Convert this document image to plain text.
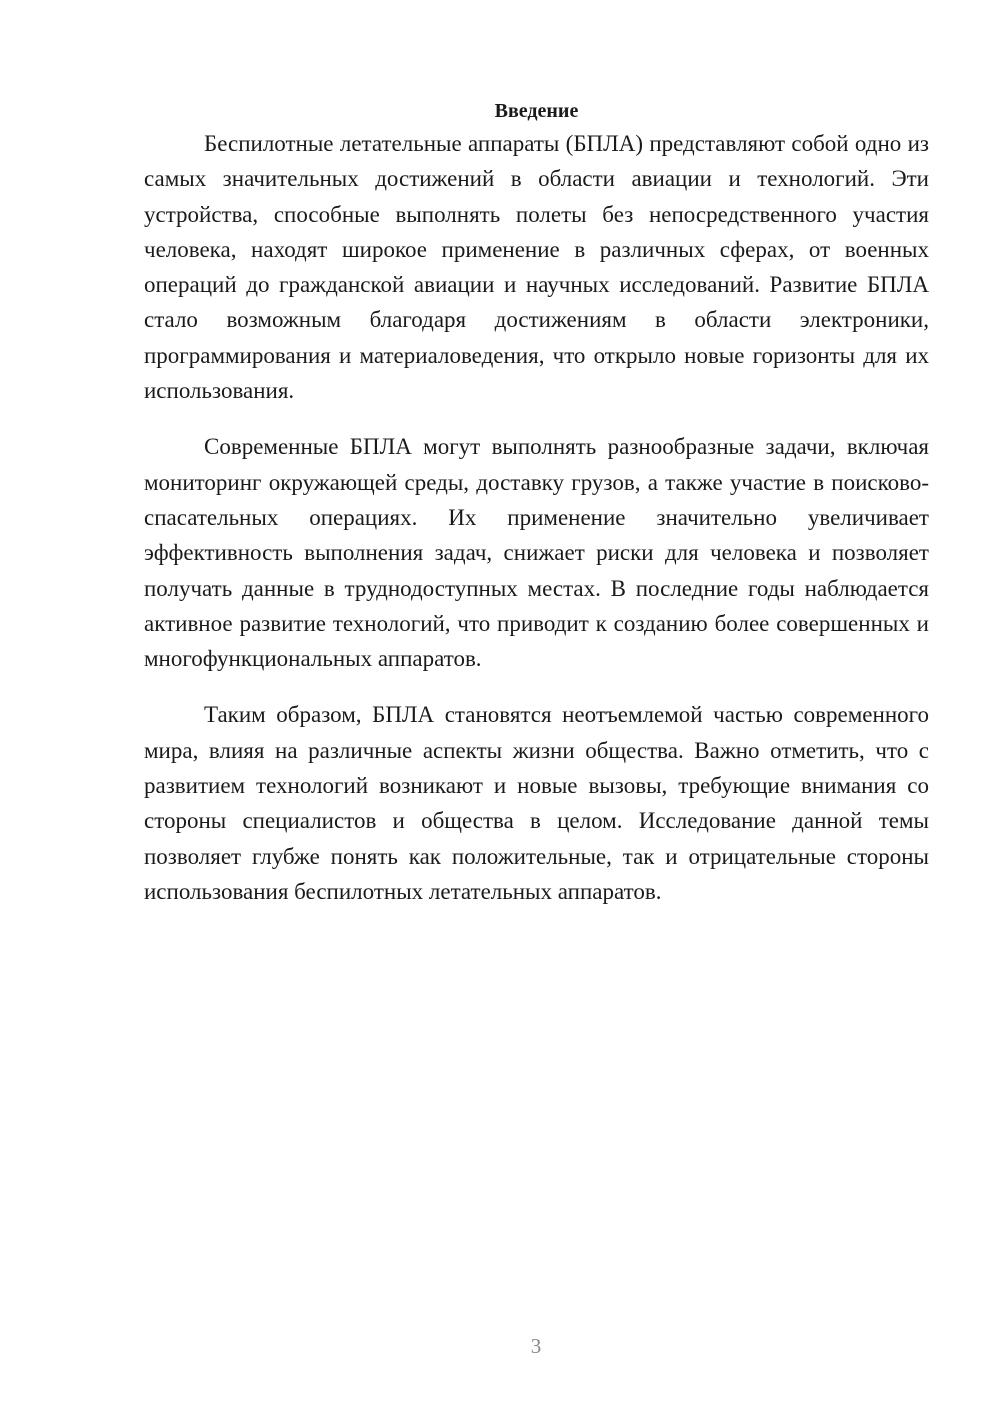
Введение

Беспилотные летательные аппараты (БПЛА) представляют собой одно из самых значительных достижений в области авиации и технологий. Эти устройства, способные выполнять полеты без непосредственного участия человека, находят широкое применение в различных сферах, от военных операций до гражданской авиации и научных исследований. Развитие БПЛА стало возможным благодаря достижениям в области электроники, программирования и материаловедения, что открыло новые горизонты для их использования.

Современные БПЛА могут выполнять разнообразные задачи, включая мониторинг окружающей среды, доставку грузов, а также участие в поисково-спасательных операциях. Их применение значительно увеличивает эффективность выполнения задач, снижает риски для человека и позволяет получать данные в труднодоступных местах. В последние годы наблюдается активное развитие технологий, что приводит к созданию более совершенных и многофункциональных аппаратов.

Таким образом, БПЛА становятся неотъемлемой частью современного мира, влияя на различные аспекты жизни общества. Важно отметить, что с развитием технологий возникают и новые вызовы, требующие внимания со стороны специалистов и общества в целом. Исследование данной темы позволяет глубже понять как положительные, так и отрицательные стороны использования беспилотных летательных аппаратов.

3
